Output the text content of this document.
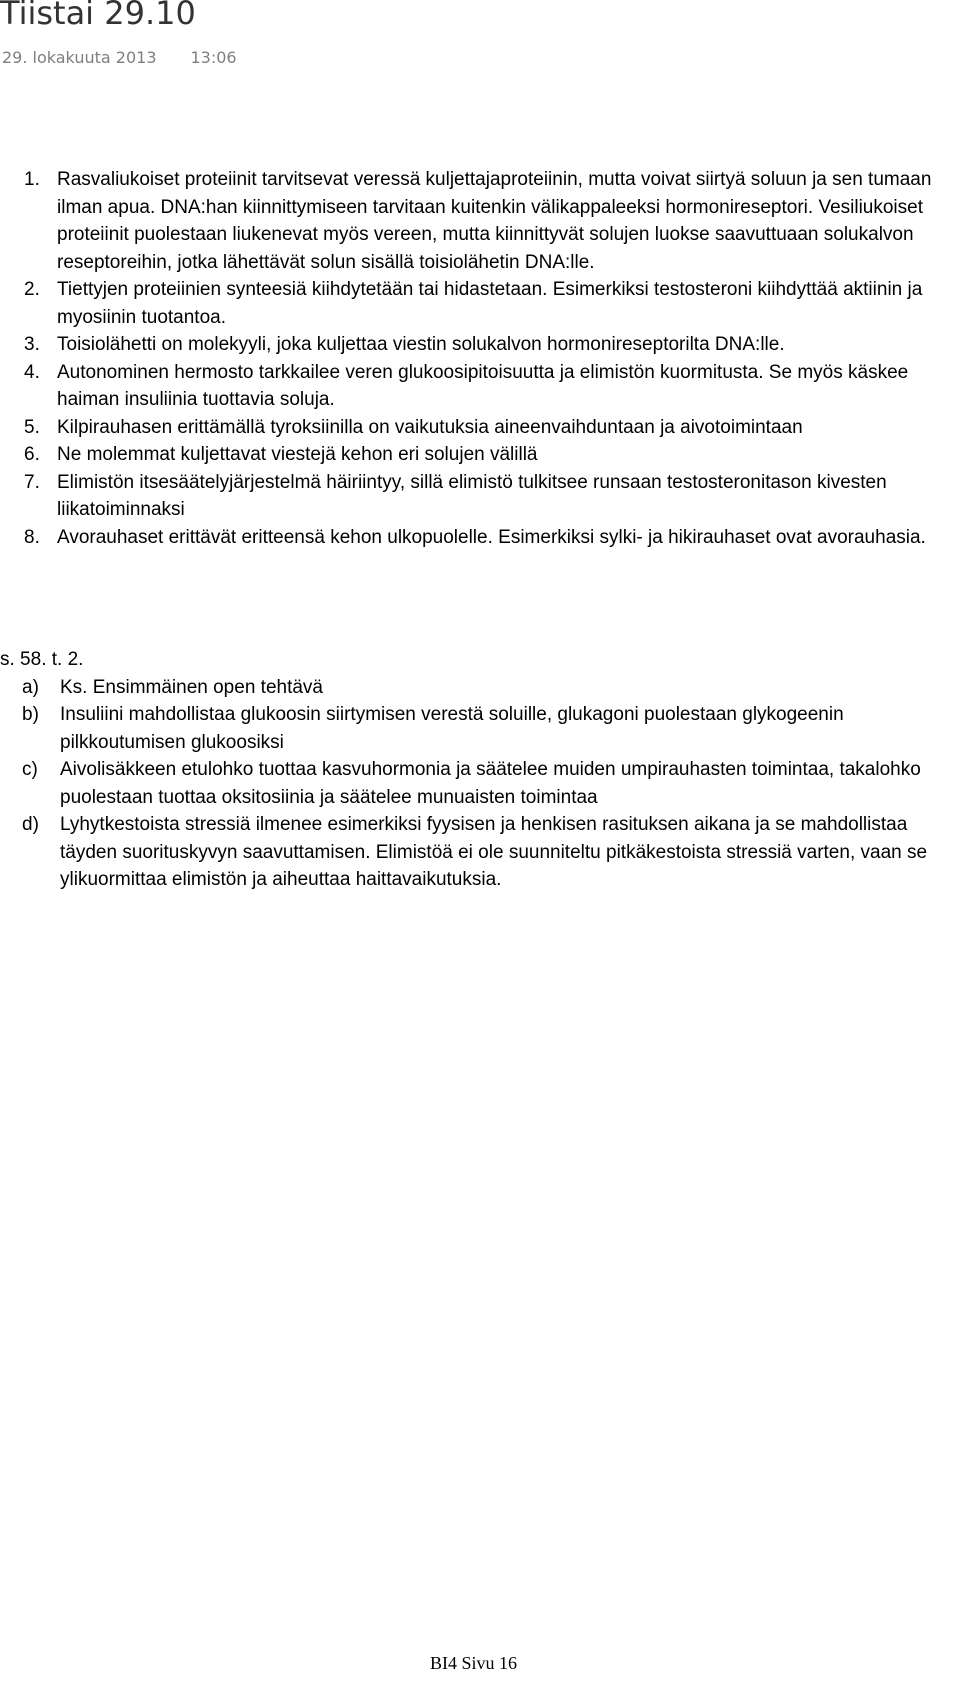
Tiistai 29.10
29. lokakuuta 2013 13:06
1. Rasvaliukoiset proteiinit tarvitsevat veressä kuljettajaproteiinin, mutta voivat siirtyä soluun ja sen tumaan ilman apua. DNA:han kiinnittymiseen tarvitaan kuitenkin välikappaleeksi hormonireseptori. Vesiliukoiset proteiinit puolestaan liukenevat myös vereen, mutta kiinnittyvät solujen luokse saavuttuaan solukalvon reseptoreihin, jotka lähettävät solun sisällä toisiolähetin DNA:lle.
2. Tiettyjen proteiinien synteesiä kiihdytetään tai hidastetaan. Esimerkiksi testosteroni kiihdyttää aktiinin ja myosiinin tuotantoa.
3. Toisiolähetti on molekyyli, joka kuljettaa viestin solukalvon hormonireseptorilta DNA:lle.
4. Autonominen hermosto tarkkailee veren glukoosipitoisuutta ja elimistön kuormitusta. Se myös käskee haiman insuliinia tuottavia soluja.
5. Kilpirauhasen erittämällä tyroksiinilla on vaikutuksia aineenvaihduntaan ja aivotoimintaan
6. Ne molemmat kuljettavat viestejä kehon eri solujen välillä
7. Elimistön itsesäätelyjärjestelmä häiriintyy, sillä elimistö tulkitsee runsaan testosteronitason kivesten liikatoiminnaksi
8. Avorauhaset erittävät eritteensä kehon ulkopuolelle. Esimerkiksi sylki- ja hikirauhaset ovat avorauhasia.
s. 58. t. 2.
a)	Ks. Ensimmäinen open tehtävä
b)	Insuliini mahdollistaa glukoosin siirtymisen verestä soluille, glukagoni puolestaan glykogeenin pilkkoutumisen glukoosiksi
c)	Aivolisäkkeen etulohko tuottaa kasvuhormonia ja säätelee muiden umpirauhasten toimintaa, takalohko puolestaan tuottaa oksitosiinia ja säätelee munuaisten toimintaa
d)	Lyhytkestoista stressiä ilmenee esimerkiksi fyysisen ja henkisen rasituksen aikana ja se mahdollistaa täyden suorituskyvyn saavuttamisen. Elimistöä ei ole suunniteltu pitkäkestoista stressiä varten, vaan se ylikuormittaa elimistön ja aiheuttaa haittavaikutuksia.
BI4 Sivu 16
